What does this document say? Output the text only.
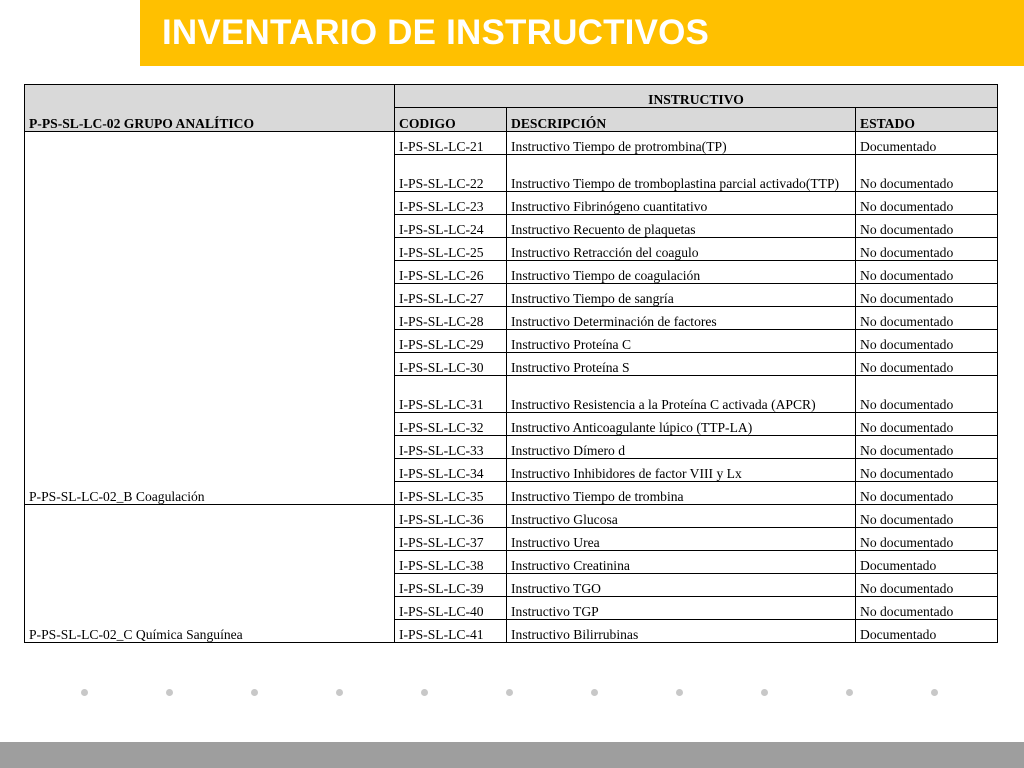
INVENTARIO DE INSTRUCTIVOS
P-PS-SL-LC-02 GRUPO ANALÍTICO	INSTRUCTIVO		
	CODIGO	DESCRIPCIÓN	ESTADO
P-PS-SL-LC-02_B Coagulación	I-PS-SL-LC-21	Instructivo Tiempo de protrombina(TP)	Documentado
	I-PS-SL-LC-22	Instructivo Tiempo de tromboplastina parcial activado(TTP)	No documentado
	I-PS-SL-LC-23	Instructivo Fibrinógeno cuantitativo	No documentado
	I-PS-SL-LC-24	Instructivo Recuento de plaquetas	No documentado
	I-PS-SL-LC-25	Instructivo Retracción del coagulo	No documentado
	I-PS-SL-LC-26	Instructivo Tiempo de coagulación	No documentado
	I-PS-SL-LC-27	Instructivo Tiempo de sangría	No documentado
	I-PS-SL-LC-28	Instructivo Determinación de factores	No documentado
	I-PS-SL-LC-29	Instructivo Proteína C	No documentado
	I-PS-SL-LC-30	Instructivo Proteína S	No documentado
	I-PS-SL-LC-31	Instructivo Resistencia a la Proteína C activada (APCR)	No documentado
	I-PS-SL-LC-32	Instructivo Anticoagulante lúpico (TTP-LA)	No documentado
	I-PS-SL-LC-33	Instructivo Dímero d	No documentado
	I-PS-SL-LC-34	Instructivo Inhibidores de factor VIII y Lx	No documentado
	I-PS-SL-LC-35	Instructivo Tiempo de trombina	No documentado
P-PS-SL-LC-02_C Química Sanguínea	I-PS-SL-LC-36	Instructivo Glucosa	No documentado
	I-PS-SL-LC-37	Instructivo Urea	No documentado
	I-PS-SL-LC-38	Instructivo Creatinina	Documentado
	I-PS-SL-LC-39	Instructivo TGO	No documentado
	I-PS-SL-LC-40	Instructivo TGP	No documentado
	I-PS-SL-LC-41	Instructivo Bilirrubinas	Documentado
